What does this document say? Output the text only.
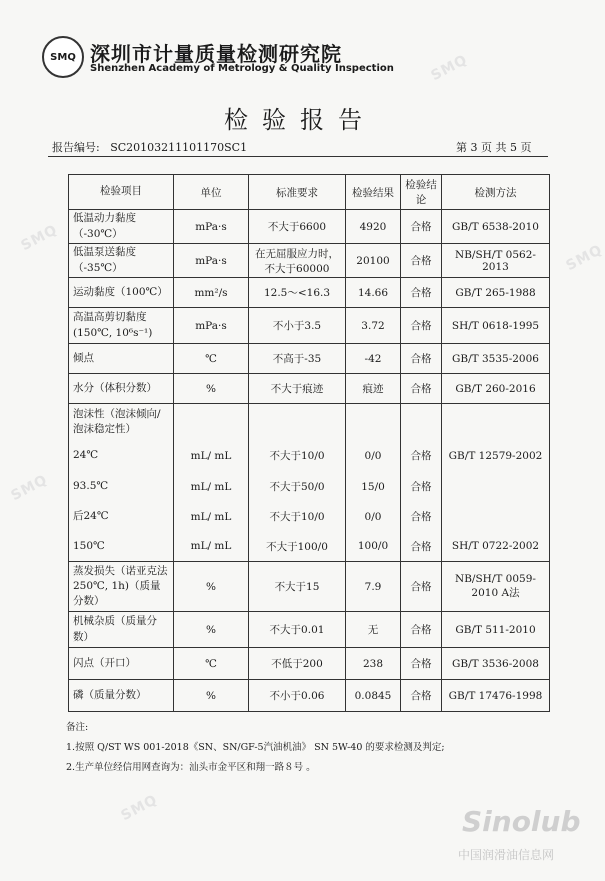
SMQ
SMQ
SMQ
SMQ
SMQ
SMQ 深圳市计量质量检测研究院
Shenzhen Academy of Metrology & Quality Inspection
检验报告
报告编号: SC20103211101170SC1	第 3 页 共 5 页
检验项目	单位	标准要求	检验结果	检验结论	检测方法
低温动力黏度（-30℃）	mPa·s	不大于6600	4920	合格	GB/T 6538-2010
低温泵送黏度（-35℃）	mPa·s	在无屈服应力时，不大于60000	20100	合格	NB/SH/T 0562-2013
运动黏度（100℃）	mm²/s	12.5～<16.3	14.66	合格	GB/T 265-1988
高温高剪切黏度(150℃, 10⁶s⁻¹)	mPa·s	不小于3.5	3.72	合格	SH/T 0618-1995
倾点	℃	不高于-35	-42	合格	GB/T 3535-2006
水分（体积分数）	%	不大于痕迹	痕迹	合格	GB/T 260-2016
泡沫性（泡沫倾向/泡沫稳定性）					
24℃	mL/ mL	不大于10/0	0/0	合格	GB/T 12579-2002
93.5℃	mL/ mL	不大于50/0	15/0	合格	
后24℃	mL/ mL	不大于10/0	0/0	合格	
150℃	mL/ mL	不大于100/0	100/0	合格	SH/T 0722-2002
蒸发损失（诺亚克法 250℃, 1h)（质量分数）	%	不大于15	7.9	合格	NB/SH/T 0059-2010 A法
机械杂质（质量分数）	%	不大于0.01	无	合格	GB/T 511-2010
闪点（开口）	℃	不低于200	238	合格	GB/T 3536-2008
磷（质量分数）	%	不小于0.06	0.0845	合格	GB/T 17476-1998
备注:
1.按照 Q/ST WS 001-2018《SN、SN/GF-5汽油机油》 SN 5W-40 的要求检测及判定;
2.生产单位经信用网查询为：汕头市金平区和翔一路８号 。
Sinolub
中国润滑油信息网
